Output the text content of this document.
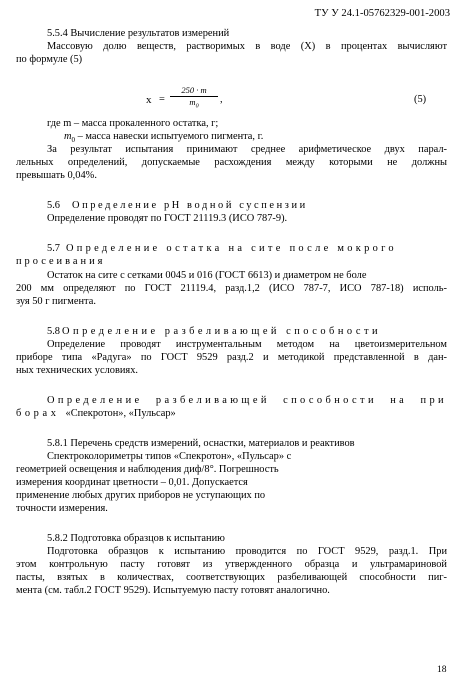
ТУ У 24.1-05762329-001-2003
5.5.4 Вычисление результатов измерений
Массовую долю веществ, растворимых в воде (Х) в процентах вычисляют
по формуле (5)
х =
250 · m
$m_0$
,	(5)
где m – масса прокаленного остатка, г;
$m_0$ – масса навески испытуемого пигмента, г.
За результат испытания принимают среднее арифметическое двух парал-
лельных определений, допускаемые расхождения между которыми не должны
превышать 0,04%.
5.6 Определение рН водной суспензии
Определение проводят по ГОСТ 21119.3 (ИСО 787-9).
5.7 Определение остатка на сите после мокрого
просеивания
Остаток на сите с сетками 0045 и 016 (ГОСТ 6613) и диаметром не боле
200 мм определяют по ГОСТ 21119.4, разд.1,2 (ИСО 787-7, ИСО 787-18) исполь-
зуя 50 г пигмента.
5.8 Определение разбеливающей способности
Определение проводят инструментальным методом на цветоизмерительном
приборе типа «Радуга» по ГОСТ 9529 разд.2 и методикой представленной в дан-
ных технических условиях.
Определение разбеливающей способности на при
борах «Спекротон», «Пульсар»
5.8.1 Перечень средств измерений, оснастки, материалов и реактивов
Спектроколориметры типов «Спекротон», «Пульсар» с
геометрией освещения и наблюдения диф/8°. Погрешность
измерения координат цветности – 0,01. Допускается
применение любых других приборов не уступающих по
точности измерения.
5.8.2 Подготовка образцов к испытанию
Подготовка образцов к испытанию проводится по ГОСТ 9529, разд.1. При
этом контрольную пасту готовят из утвержденного образца и ультрамариновой
пасты, взятых в количествах, соответствующих разбеливающей способности пиг-
мента (см. табл.2 ГОСТ 9529). Испытуемую пасту готовят аналогично.
18
